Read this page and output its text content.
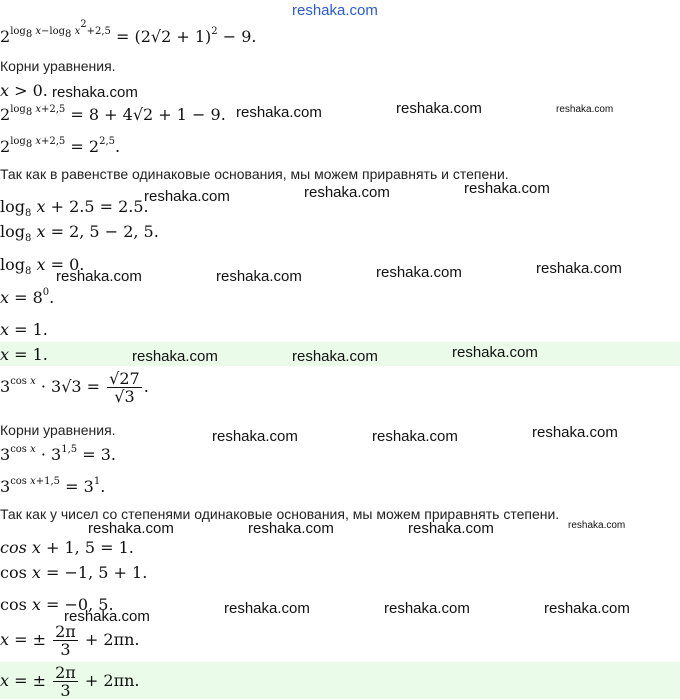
$2^{log_8 x-log_8 x^2+2,5} = (2√2 + 1)^2 - 9$.
Корни уравнения.
x > 0.
$2^{log_8 x+2,5} = 8 + 4√2 + 1 - 9$.
$2^{log_8 x+2,5} = 2^{2,5}$.
Так как в равенстве одинаковые основания, мы можем приравнять и степени.
$\log_8 x + 2.5 = 2.5$.
$\log_8 x = 2$, 5 − 2, 5.
$\log_8 x = 0$.
$x = 8^0$.
x = 1.
x = 1.
$3^{cos x} \cdot 3√3 = \frac{√27}{√3}$ .
Корни уравнения.
$3^{cos x} \cdot 3^{1,5} = 3$.
$3^{cos x+1,5} = 3^1$.
Так как у чисел со степенями одинаковые основания, мы можем приравнять степени.
cos x + 1, 5 = 1.
cos x = −1, 5 + 1.
cos x = −0, 5.
x = ± $\frac{2\pi}{3} + 2\pi n$.
x = ± $\frac{2\pi}{3} + 2\pi n$.
reshaka.com
reshaka.com
reshaka.com	reshaka.com	reshaka.com
reshaka.com	reshaka.com	reshaka.com
reshaka.com	reshaka.com	reshaka.com	reshaka.com
reshaka.com	reshaka.com	reshaka.com
reshaka.com	reshaka.com	reshaka.com
reshaka.com	reshaka.com	reshaka.com	reshaka.com
reshaka.com	reshaka.com	reshaka.com	reshaka.com
